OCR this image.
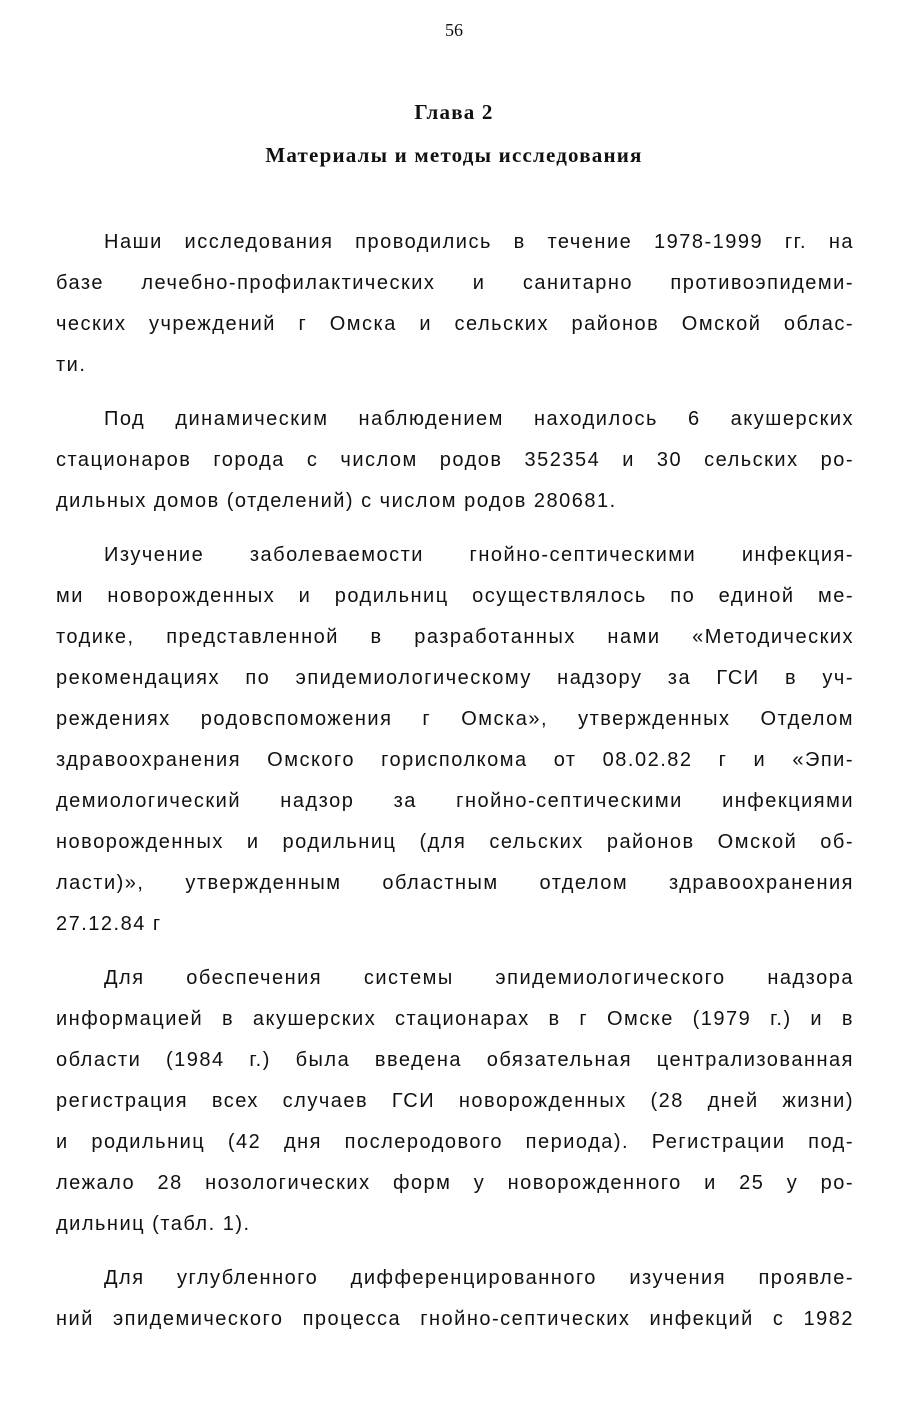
56
Глава 2
Материалы и методы исследования
Наши исследования проводились в течение 1978-1999 гг. на
базе лечебно-профилактических и санитарно противоэпидеми-
ческих учреждений г Омска и сельских районов Омской облас-
ти.
Под динамическим наблюдением находилось 6 акушерских
стационаров города с числом родов 352354 и 30 сельских ро-
дильных домов (отделений) с числом родов 280681.
Изучение заболеваемости гнойно-септическими инфекция-
ми новорожденных и родильниц осуществлялось по единой ме-
тодике, представленной в разработанных нами «Методических
рекомендациях по эпидемиологическому надзору за ГСИ в уч-
реждениях родовспоможения г Омска», утвержденных Отделом
здравоохранения Омского горисполкома от 08.02.82 г и «Эпи-
демиологический надзор за гнойно-септическими инфекциями
новорожденных и родильниц (для сельских районов Омской об-
ласти)», утвержденным областным отделом здравоохранения
27.12.84 г
Для обеспечения системы эпидемиологического надзора
информацией в акушерских стационарах в г Омске (1979 г.) и в
области (1984 г.) была введена обязательная централизованная
регистрация всех случаев ГСИ новорожденных (28 дней жизни)
и родильниц (42 дня послеродового периода). Регистрации под-
лежало 28 нозологических форм у новорожденного и 25 у ро-
дильниц (табл. 1).
Для углубленного дифференцированного изучения проявле-
ний эпидемического процесса гнойно-септических инфекций с 1982
